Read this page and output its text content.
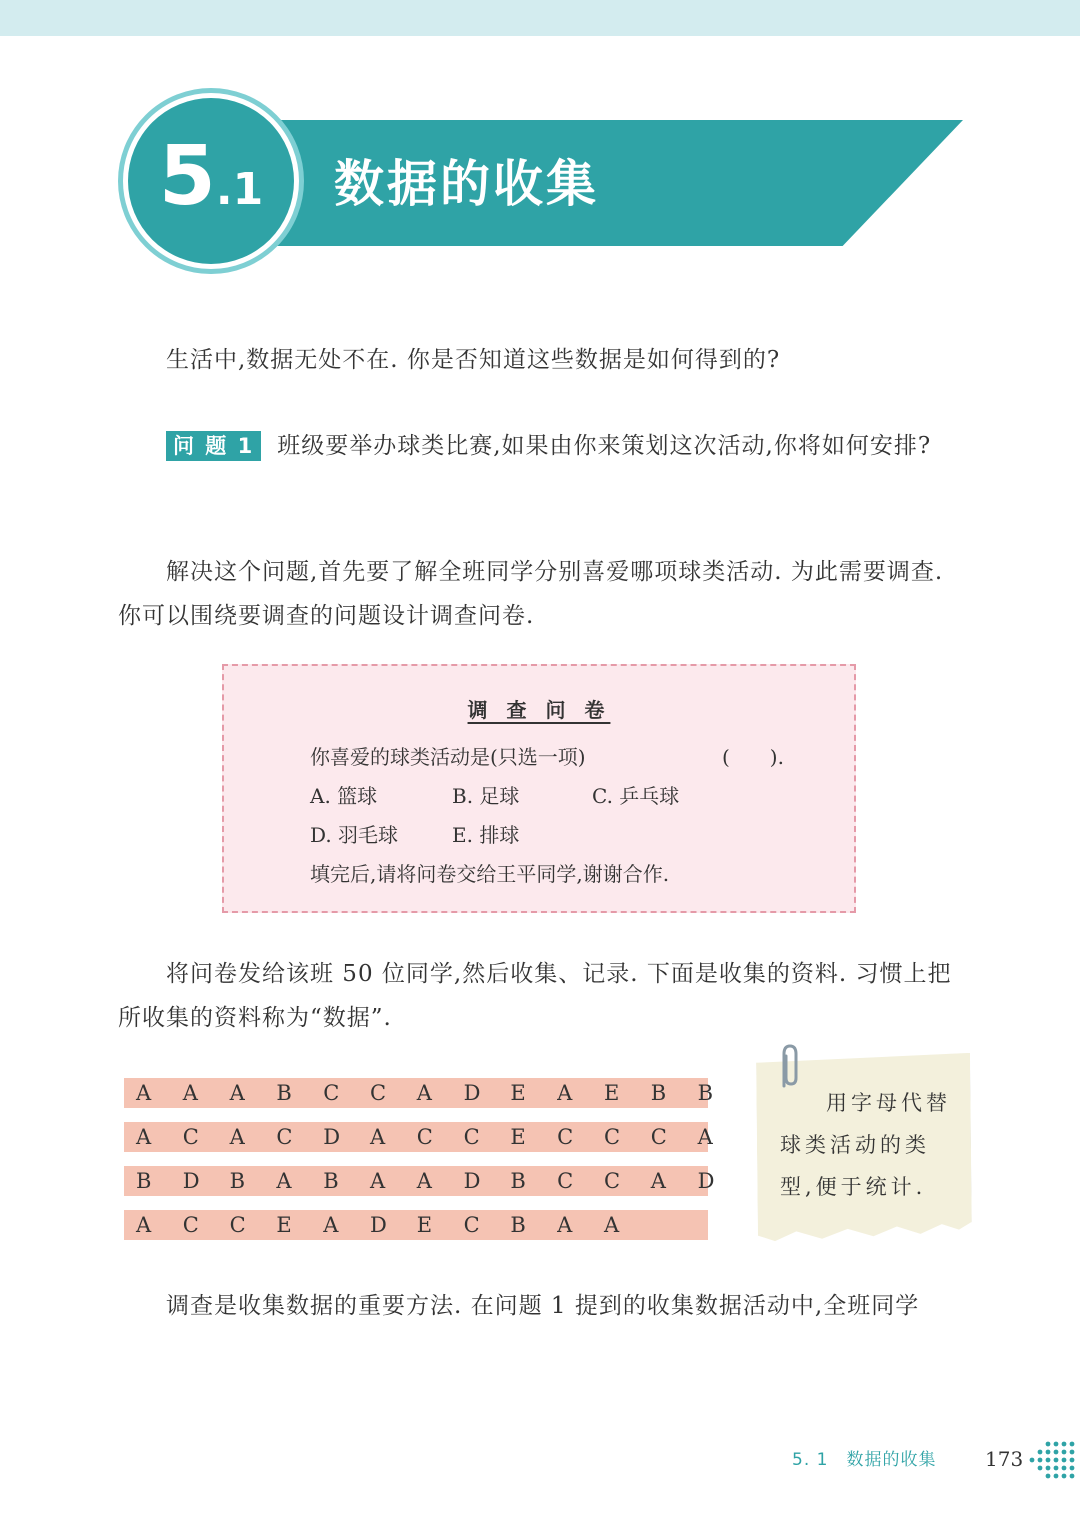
5 .1 数据的收集
生活中,数据无处不在. 你是否知道这些数据是如何得到的?
问 题 1 班级要举办球类比赛,如果由你来策划这次活动,你将如何安排?
解决这个问题,首先要了解全班同学分别喜爱哪项球类活动. 为此需要调查. 你可以围绕要调查的问题设计调查问卷.
调 查 问 卷
你喜爱的球类活动是(只选一项)	(　　).
A. 篮球	B. 足球	C. 乒乓球
D. 羽毛球	E. 排球
填完后,请将问卷交给王平同学,谢谢合作.
将问卷发给该班 50 位同学,然后收集、记录. 下面是收集的资料. 习惯上把所收集的资料称为“数据”.
A	A	A	B	C	C	A	D	E	A	E	B	B
A	C	A	C	D	A	C	C	E	C	C	C	A
B	D	B	A	B	A	A	D	B	C	C	A	D
A	C	C	E	A	D	E	C	B	A	A
用字母代替球类活动的类型,便于统计.
调查是收集数据的重要方法. 在问题 1 提到的收集数据活动中,全班同学
5. 1　数据的收集 173
